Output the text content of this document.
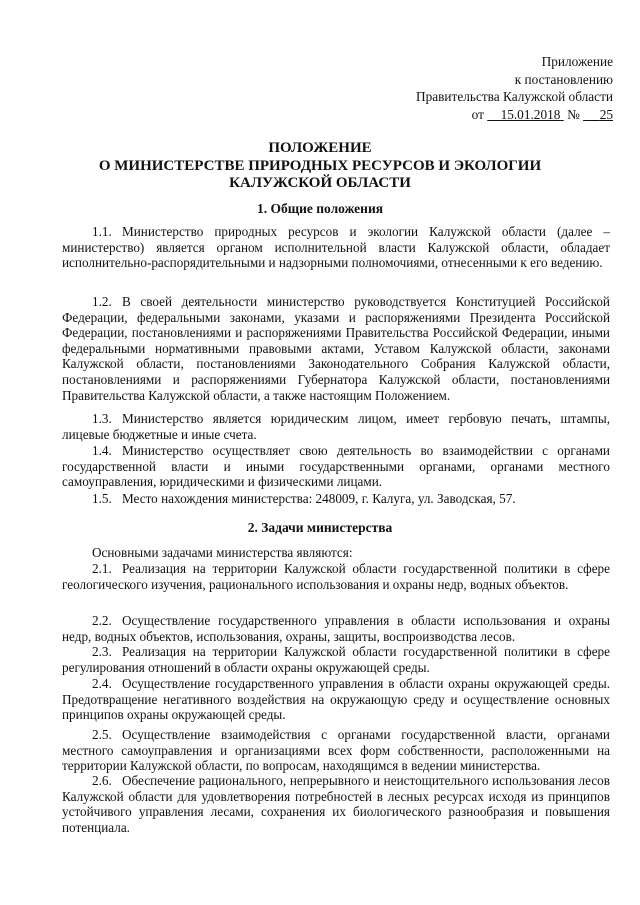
Приложение
к постановлению
Правительства Калужской области
от 15.01.2018 № 25
ПОЛОЖЕНИЕ
О МИНИСТЕРСТВЕ ПРИРОДНЫХ РЕСУРСОВ И ЭКОЛОГИИ
КАЛУЖСКОЙ ОБЛАСТИ
1. Общие положения
1.1. Министерство природных ресурсов и экологии Калужской области (далее – министерство) является органом исполнительной власти Калужской области, обладает исполнительно-распорядительными и надзорными полномочиями, отнесенными к его ведению.
1.2. В своей деятельности министерство руководствуется Конституцией Российской Федерации, федеральными законами, указами и распоряжениями Президента Российской Федерации, постановлениями и распоряжениями Правительства Российской Федерации, иными федеральными нормативными правовыми актами, Уставом Калужской области, законами Калужской области, постановлениями Законодательного Собрания Калужской области, постановлениями и распоряжениями Губернатора Калужской области, постановлениями Правительства Калужской области, а также настоящим Положением.
1.3. Министерство является юридическим лицом, имеет гербовую печать, штампы, лицевые бюджетные и иные счета.
1.4. Министерство осуществляет свою деятельность во взаимодействии с органами государственной власти и иными государственными органами, органами местного самоуправления, юридическими и физическими лицами.
1.5. Место нахождения министерства: 248009, г. Калуга, ул. Заводская, 57.
2. Задачи министерства
Основными задачами министерства являются:
2.1. Реализация на территории Калужской области государственной политики в сфере геологического изучения, рационального использования и охраны недр, водных объектов.
2.2. Осуществление государственного управления в области использования и охраны недр, водных объектов, использования, охраны, защиты, воспроизводства лесов.
2.3. Реализация на территории Калужской области государственной политики в сфере регулирования отношений в области охраны окружающей среды.
2.4. Осуществление государственного управления в области охраны окружающей среды. Предотвращение негативного воздействия на окружающую среду и осуществление основных принципов охраны окружающей среды.
2.5. Осуществление взаимодействия с органами государственной власти, органами местного самоуправления и организациями всех форм собственности, расположенными на территории Калужской области, по вопросам, находящимся в ведении министерства.
2.6. Обеспечение рационального, непрерывного и неистощительного использования лесов Калужской области для удовлетворения потребностей в лесных ресурсах исходя из принципов устойчивого управления лесами, сохранения их биологического разнообразия и повышения потенциала.
